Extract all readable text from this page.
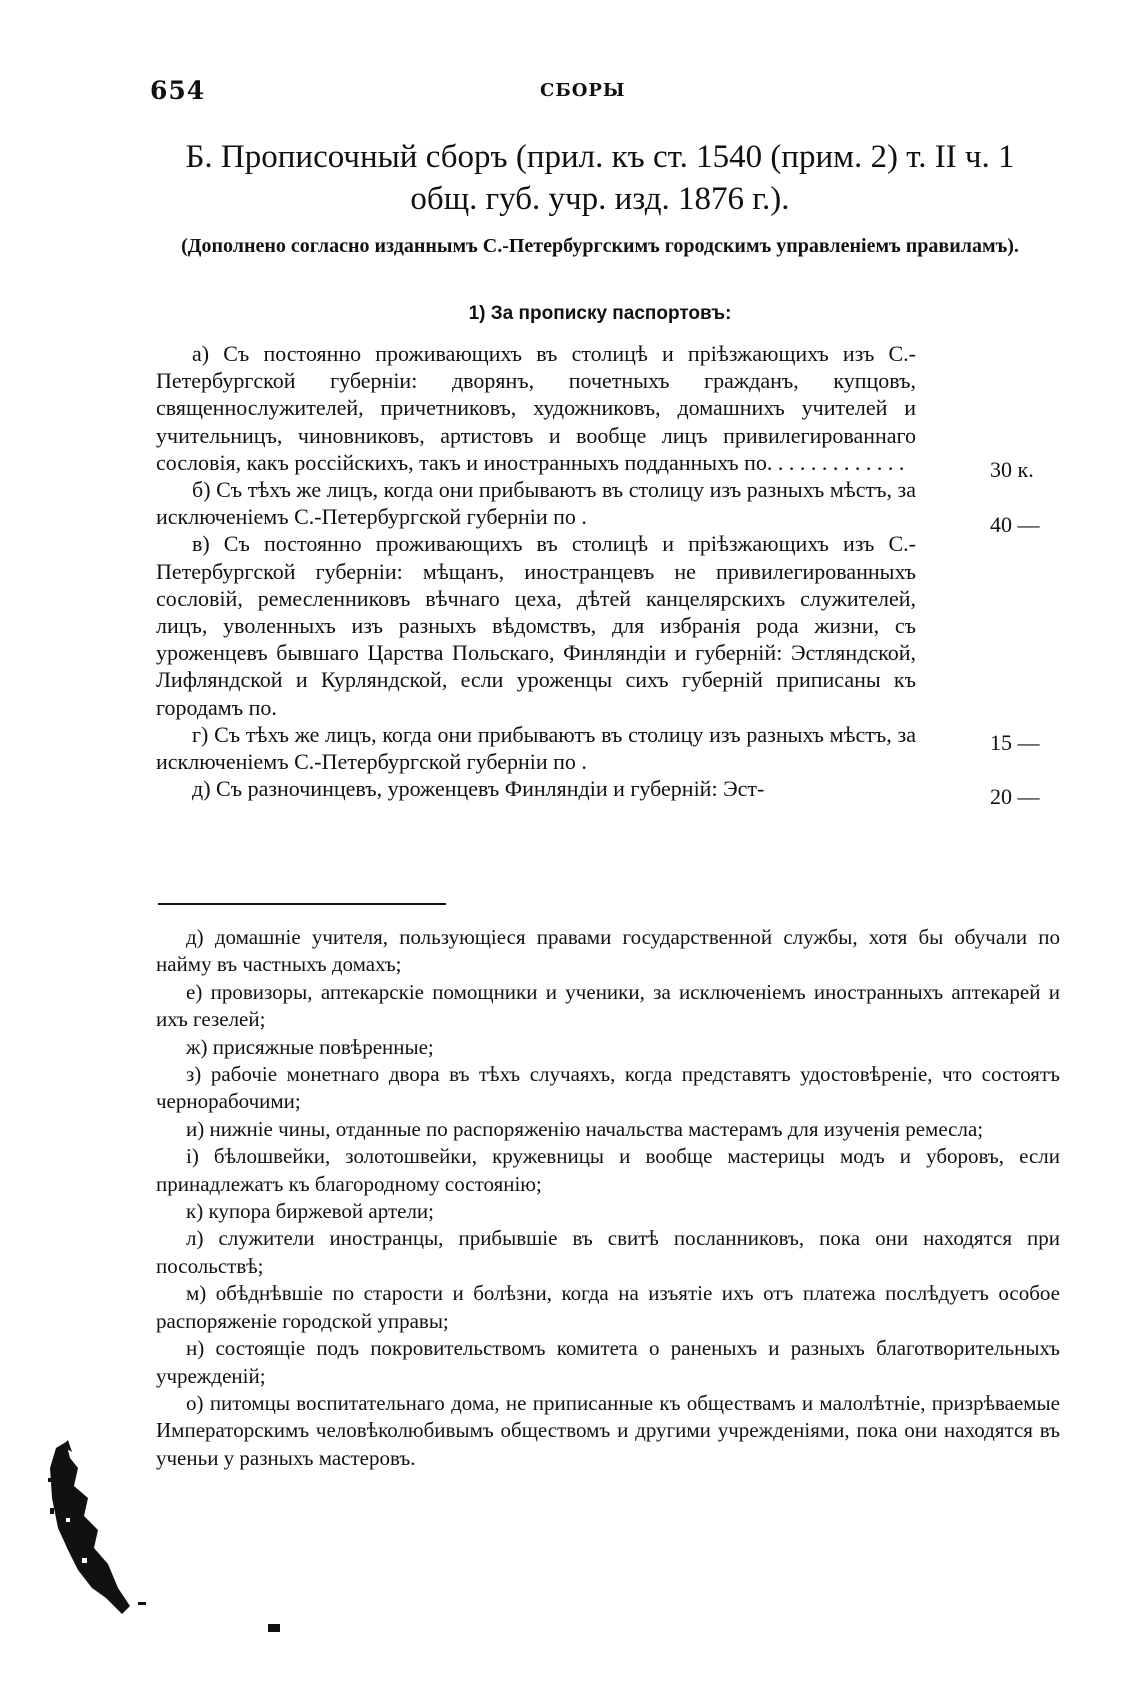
654	СБОРЫ
Б. Прописочный сборъ (прил. къ ст. 1540 (прим. 2) т. II ч. 1
общ. губ. учр. изд. 1876 г.).
(Дополнено согласно изданнымъ С.-Петербургскимъ городскимъ управленіемъ правиламъ).
1) За прописку паспортовъ:

а) Съ постоянно проживающихъ въ столицѣ и пріѣзжающихъ изъ С.-Петербургской губерніи: дворянъ, почетныхъ гражданъ, купцовъ, священнослужителей, причетниковъ, художниковъ, домашнихъ учителей и учительницъ, чиновниковъ, артистовъ и вообще лицъ привилегированнаго сословія, какъ россійскихъ, такъ и иностранныхъ подданныхъ по. . . . . . . . . . . . .

б) Съ тѣхъ же лицъ, когда они прибываютъ въ столицу изъ разныхъ мѣстъ, за исключеніемъ С.-Петербургской губерніи по .

в) Съ постоянно проживающихъ въ столицѣ и пріѣзжающихъ изъ С.-Петербургской губерніи: мѣщанъ, иностранцевъ не привилегированныхъ сословій, ремесленниковъ вѣчнаго цеха, дѣтей канцелярскихъ служителей, лицъ, уволенныхъ изъ разныхъ вѣдомствъ, для избранія рода жизни, съ уроженцевъ бывшаго Царства Польскаго, Финляндіи и губерній: Эстляндской, Лифляндской и Курляндской, если уроженцы сихъ губерній приписаны къ городамъ по.

г) Съ тѣхъ же лицъ, когда они прибываютъ въ столицу изъ разныхъ мѣстъ, за исключеніемъ С.-Петербургской губерніи по .

д) Съ разночинцевъ, уроженцевъ Финляндіи и губерній: Эст-

30 к.
40 —
15 —
20 —

д) домашніе учителя, пользующіеся правами государственной службы, хотя бы обучали по найму въ частныхъ домахъ;

е) провизоры, аптекарскіе помощники и ученики, за исключеніемъ иностранныхъ аптекарей и ихъ гезелей;

ж) присяжные повѣренные;

з) рабочіе монетнаго двора въ тѣхъ случаяхъ, когда представятъ удостовѣреніе, что состоятъ чернорабочими;

и) нижніе чины, отданные по распоряженію начальства мастерамъ для изученія ремесла;

і) бѣлошвейки, золотошвейки, кружевницы и вообще мастерицы модъ и уборовъ, если принадлежатъ къ благородному состоянію;

к) купора биржевой артели;

л) служители иностранцы, прибывшіе въ свитѣ посланниковъ, пока они находятся при посольствѣ;

м) обѣднѣвшіе по старости и болѣзни, когда на изъятіе ихъ отъ платежа послѣдуетъ особое распоряженіе городской управы;

н) состоящіе подъ покровительствомъ комитета о раненыхъ и разныхъ благотворительныхъ учрежденій;

о) питомцы воспитательнаго дома, не приписанные къ обществамъ и малолѣтніе, призрѣваемые Императорскимъ человѣколюбивымъ обществомъ и другими учрежденіями, пока они находятся въ ученьи у разныхъ мастеровъ.
